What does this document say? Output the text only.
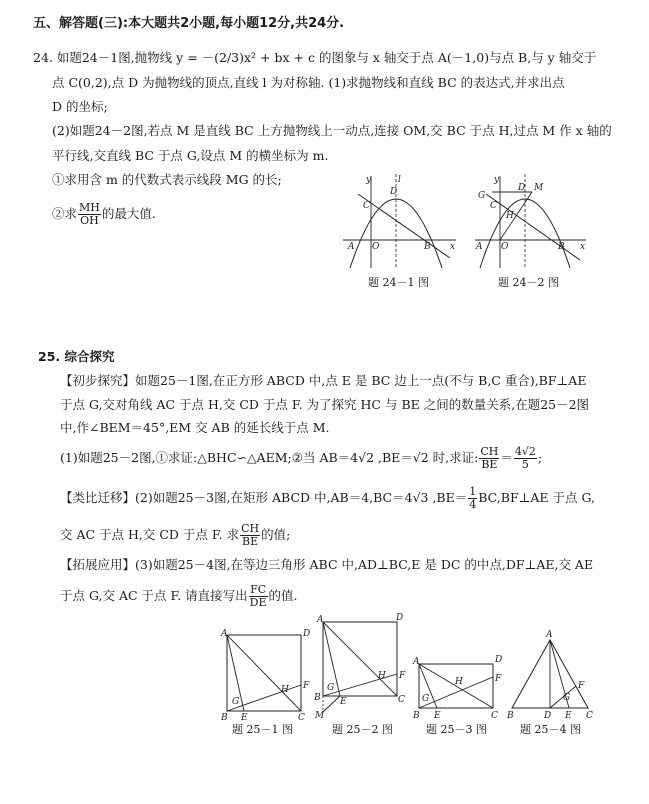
五、解答题(三):本大题共2小题,每小题12分,共24分.
24. 如题24－1图,抛物线 y = －(2/3)x² + bx + c 的图象与 x 轴交于点 A(－1,0)与点 B,与 y 轴交于
点 C(0,2),点 D 为抛物线的顶点,直线 l 为对称轴. (1)求抛物线和直线 BC 的表达式,并求出点
D 的坐标;
(2)如题24－2图,若点 M 是直线 BC 上方抛物线上一动点,连接 OM,交 BC 于点 H,过点 M 作 x 轴的
平行线,交直线 BC 于点 G,设点 M 的横坐标为 m.
①求用含 m 的代数式表示线段 MG 的长;
②求 $\frac{MH}{OH}$ 的最大值.
y	l
C
D
A O	B x
题 24－1 图
y
D M
G
C
H
A O	B x
题 24－2 图
25. 综合探究
【初步探究】如题25－1图,在正方形 ABCD 中,点 E 是 BC 边上一点(不与 B,C 重合),BF⊥AE
于点 G,交对角线 AC 于点 H,交 CD 于点 F. 为了探究 HC 与 BE 之间的数量关系,在题25－2图
中,作∠BEM＝45°,EM 交 AB 的延长线于点 M.
(1)如题25－2图,①求证:△BHC∽△AEM;②当 AB＝4√2 ,BE＝√2 时,求证: $\frac{CH}{BE} = \frac{4√2}{5}$ ;
【类比迁移】(2)如题25－3图,在矩形 ABCD 中,AB＝4,BC＝4√3 $,BE= \frac{1}{4}$ BC,BF⊥AE 于点 G,
交 AC 于点 H,交 CD 于点 F. 求 $\frac{CH}{BE}$ 的值;
【拓展应用】(3)如题25－4图,在等边三角形 ABC 中,AD⊥BC,E 是 DC 的中点,DF⊥AE,交 AE
于点 G,交 AC 于点 F. 请直接写出 $\frac{FC}{DE}$ 的值.
A	D
H F
G
B E	C
题 25－1 图
A	D
H F
G
B E	C
M
题 25－2 图
A	D
H	F
G
B E	C
题 25－3 图
A
F
G
B	D E C
题 25－4 图
